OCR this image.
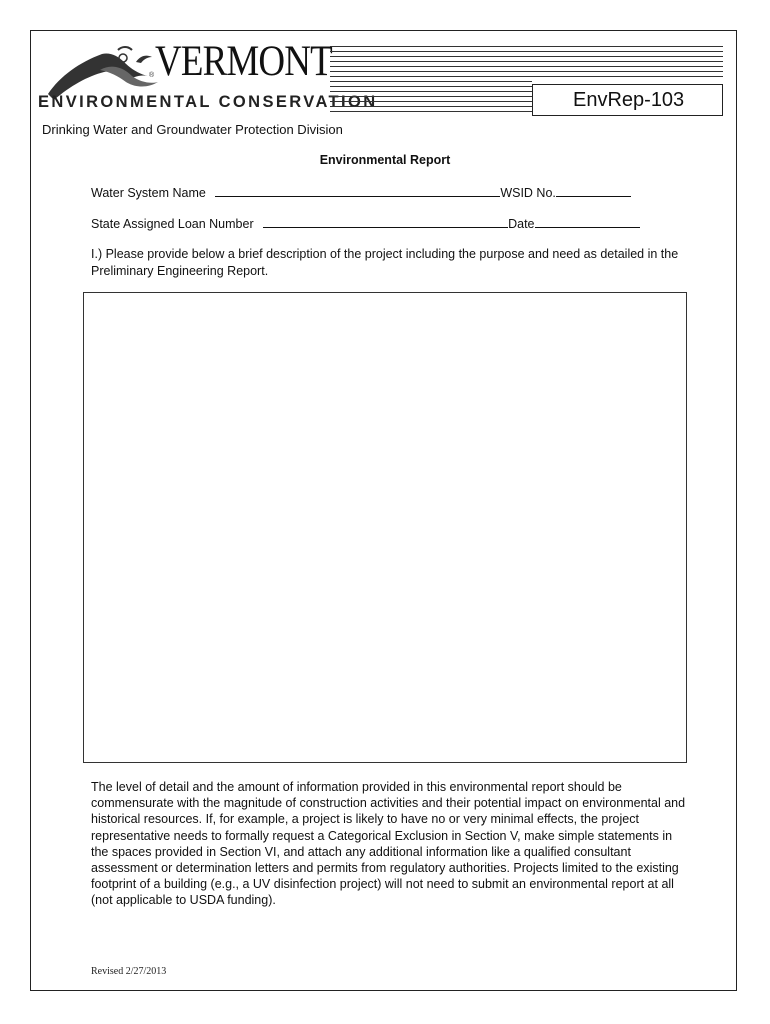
® VERMONT
ENVIRONMENTAL CONSERVATION	EnvRep-103
Drinking Water and Groundwater Protection Division
Environmental Report
Water System Name	WSID No.
State Assigned Loan Number	Date
I.) Please provide below a brief description of the project including the purpose and need as detailed in the Preliminary Engineering Report.
The level of detail and the amount of information provided in this environmental report should be commensurate with the magnitude of construction activities and their potential impact on environmental and historical resources. If, for example, a project is likely to have no or very minimal effects, the project representative needs to formally request a Categorical Exclusion in Section V, make simple statements in the spaces provided in Section VI, and attach any additional information like a qualified consultant assessment or determination letters and permits from regulatory authorities. Projects limited to the existing footprint of a building (e.g., a UV disinfection project) will not need to submit an environmental report at all (not applicable to USDA funding).
Revised 2/27/2013
